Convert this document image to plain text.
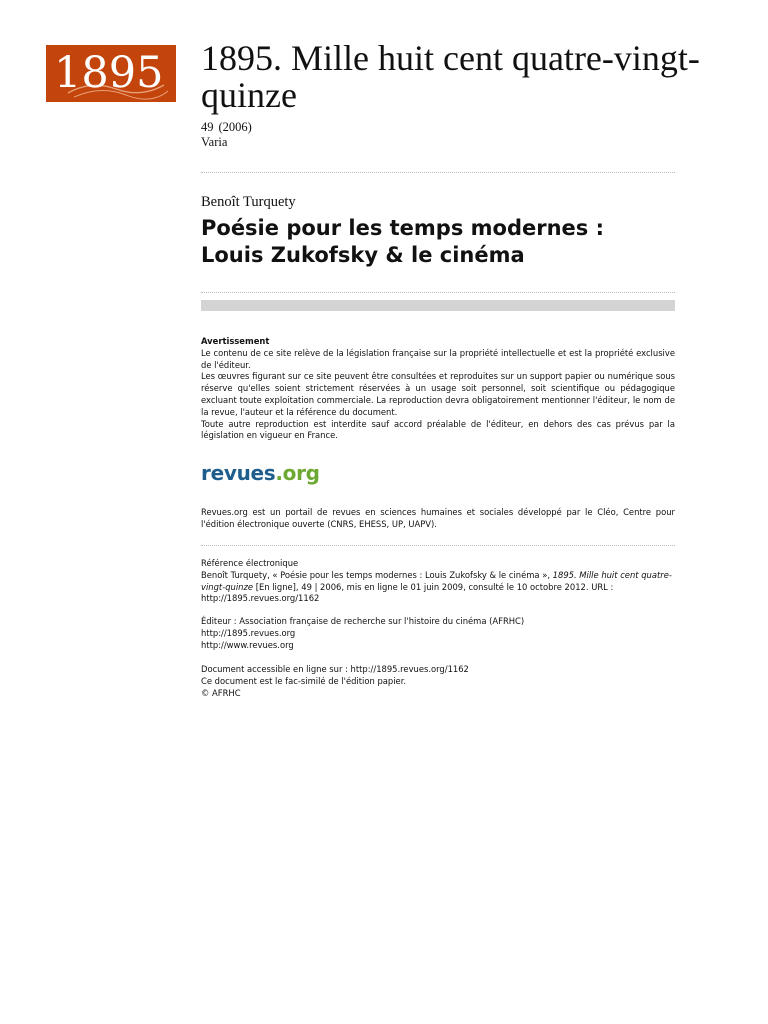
1895 1895. Mille huit cent quatre-vingt-quinze
49 (2006)
Varia
Benoît Turquety
Poésie pour les temps modernes :
Louis Zukofsky & le cinéma

Avertissement

Le contenu de ce site relève de la législation française sur la propriété intellectuelle et est la propriété exclusive de l'éditeur.

Les œuvres figurant sur ce site peuvent être consultées et reproduites sur un support papier ou numérique sous réserve qu'elles soient strictement réservées à un usage soit personnel, soit scientifique ou pédagogique excluant toute exploitation commerciale. La reproduction devra obligatoirement mentionner l'éditeur, le nom de la revue, l'auteur et la référence du document.

Toute autre reproduction est interdite sauf accord préalable de l'éditeur, en dehors des cas prévus par la législation en vigueur en France.

revues.org
Revues.org est un portail de revues en sciences humaines et sociales développé par le Cléo, Centre pour l'édition électronique ouverte (CNRS, EHESS, UP, UAPV).

Référence électronique

Benoît Turquety, « Poésie pour les temps modernes : Louis Zukofsky & le cinéma », 1895. Mille huit cent quatre-vingt-quinze [En ligne], 49 | 2006, mis en ligne le 01 juin 2009, consulté le 10 octobre 2012. URL : http://1895.revues.org/1162

Éditeur : Association française de recherche sur l'histoire du cinéma (AFRHC)

http://1895.revues.org

http://www.revues.org

Document accessible en ligne sur : http://1895.revues.org/1162

Ce document est le fac-similé de l'édition papier.

© AFRHC
